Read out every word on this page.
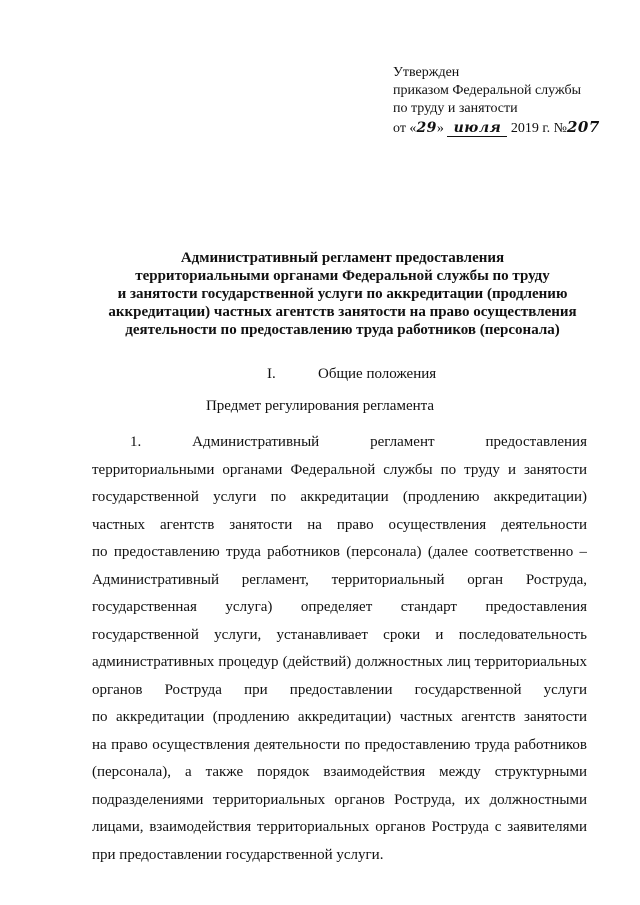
Утвержден
приказом Федеральной службы
по труду и занятости
от «29» июля 2019 г. №207
Административный регламент предоставления
территориальными органами Федеральной службы по труду
и занятости государственной услуги по аккредитации (продлению
аккредитации) частных агентств занятости на право осуществления
деятельности по предоставлению труда работников (персонала)
I.	Общие положения
Предмет регулирования регламента
1. Административный регламент предоставления
территориальными органами Федеральной службы по труду и занятости
государственной услуги по аккредитации (продлению аккредитации)
частных агентств занятости на право осуществления деятельности
по предоставлению труда работников (персонала) (далее соответственно –
Административный регламент, территориальный орган Роструда,
государственная услуга) определяет стандарт предоставления
государственной услуги, устанавливает сроки и последовательность
административных процедур (действий) должностных лиц территориальных
органов Роструда при предоставлении государственной услуги
по аккредитации (продлению аккредитации) частных агентств занятости
на право осуществления деятельности по предоставлению труда работников
(персонала), а также порядок взаимодействия между структурными
подразделениями территориальных органов Роструда, их должностными
лицами, взаимодействия территориальных органов Роструда с заявителями
при предоставлении государственной услуги.
